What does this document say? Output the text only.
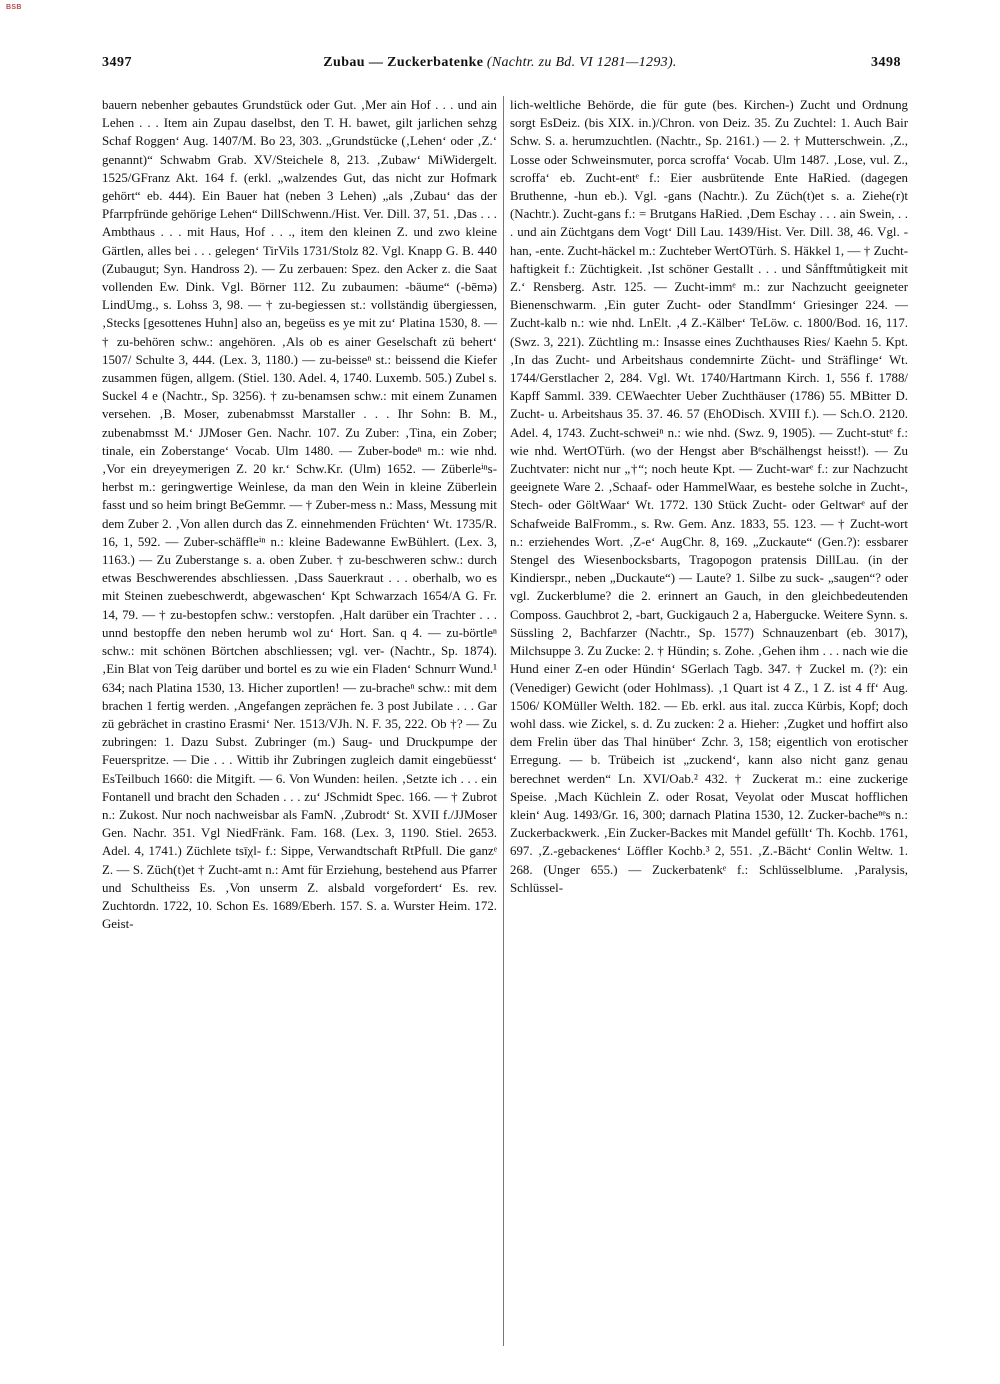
BSB
3497	Zubau — Zuckerbatenke (Nachtr. zu Bd. VI 1281—1293).	3498

bauern nebenher gebautes Grundstück oder Gut. ‚Mer ain Hof . . . und ain Lehen . . . Item ain Zupau daselbst, den T. H. bawet, gilt jarlichen sehzg Schaf Roggen‘ Aug. 1407/M. Bo 23, 303. „Grundstücke (‚Lehen‘ oder ‚Z.‘ genannt)“ Schwabm Grab. XV/Steichele 8, 213. ‚Zubaw‘ MiWidergelt. 1525/GFranz Akt. 164 f. (erkl. „walzendes Gut, das nicht zur Hofmark gehört“ eb. 444). Ein Bauer hat (neben 3 Lehen) „als ‚Zubau‘ das der Pfarrpfründe gehörige Lehen“ DillSchwenn./Hist. Ver. Dill. 37, 51. ‚Das . . . Ambthaus . . . mit Haus, Hof . . ., item den kleinen Z. und zwo kleine Gärtlen, alles bei . . . gelegen‘ TirVils 1731/Stolz 82. Vgl. Knapp G. B. 440 (Zubaugut; Syn. Handross 2). — Zu zerbauen: Spez. den Acker z. die Saat vollenden Ew. Dink. Vgl. Börner 112. Zu zubaumen: -bäume“ (-bēmə) LindUmg., s. Lohss 3, 98. — † zu-begiessen st.: vollständig übergiessen, ‚Stecks [gesottenes Huhn] also an, begeüss es ye mit zu‘ Platina 1530, 8. — † zu-behören schw.: angehören. ‚Als ob es ainer Geselschaft zü behert‘ 1507/ Schulte 3, 444. (Lex. 3, 1180.) — zu-beisseⁿ st.: beissend die Kiefer zusammen fügen, allgem. (Stiel. 130. Adel. 4, 1740. Luxemb. 505.) Zubel s. Suckel 4 e (Nachtr., Sp. 3256). † zu-benamsen schw.: mit einem Zunamen versehen. ‚B. Moser, zubenabmsst Marstaller . . . Ihr Sohn: B. M., zubenabmsst M.‘ JJMoser Gen. Nachr. 107. Zu Zuber: ‚Tina, ein Zober; tinale, ein Zoberstange‘ Vocab. Ulm 1480. — Zuber-bodeⁿ m.: wie nhd. ‚Vor ein dreyeymerigen Z. 20 kr.‘ Schw.Kr. (Ulm) 1652. — Züberleⁱⁿs-herbst m.: geringwertige Weinlese, da man den Wein in kleine Züberlein fasst und so heim bringt BeGemmr. — † Zuber-mess n.: Mass, Messung mit dem Zuber 2. ‚Von allen durch das Z. einnehmenden Früchten‘ Wt. 1735/R. 16, 1, 592. — Zuber-schäffleⁱⁿ n.: kleine Badewanne EwBühlert. (Lex. 3, 1163.) — Zu Zuberstange s. a. oben Zuber. † zu-beschweren schw.: durch etwas Beschwerendes abschliessen. ‚Dass Sauerkraut . . . oberhalb, wo es mit Steinen zuebeschwerdt, abgewaschen‘ Kpt Schwarzach 1654/A G. Fr. 14, 79. — † zu-bestopfen schw.: verstopfen. ‚Halt darüber ein Trachter . . . unnd bestopffe den neben herumb wol zu‘ Hort. San. q 4. — zu-börtleⁿ schw.: mit schönen Börtchen abschliessen; vgl. ver- (Nachtr., Sp. 1874). ‚Ein Blat von Teig darüber und bortel es zu wie ein Fladen‘ Schnurr Wund.¹ 634; nach Platina 1530, 13. Hicher zuportlen! — zu-bracheⁿ schw.: mit dem brachen 1 fertig werden. ‚Angefangen zeprächen fe. 3 post Jubilate . . . Gar zü gebrächet in crastino Erasmi‘ Ner. 1513/VJh. N. F. 35, 222. Ob †? — Zu zubringen: 1. Dazu Subst. Zubringer (m.) Saug- und Druckpumpe der Feuerspritze. — Die . . . Wittib ihr Zubringen zugleich damit eingebüesst‘ EsTeilbuch 1660: die Mitgift. — 6. Von Wunden: heilen. ‚Setzte ich . . . ein Fontanell und bracht den Schaden . . . zu‘ JSchmidt Spec. 166. — † Zubrot n.: Zukost. Nur noch nachweisbar als FamN. ‚Zubrodt‘ St. XVII f./JJMoser Gen. Nachr. 351. Vgl NiedFränk. Fam. 168. (Lex. 3, 1190. Stiel. 2653. Adel. 4, 1741.) Züchlete tsīχl- f.: Sippe, Verwandtschaft RtPfull. Die ganzᵉ Z. — S. Züch(t)et † Zucht-amt n.: Amt für Erziehung, bestehend aus Pfarrer und Schultheiss Es. ‚Von unserm Z. alsbald vorgefordert‘ Es. rev. Zuchtordn. 1722, 10. Schon Es. 1689/Eberh. 157. S. a. Wurster Heim. 172. Geist-

lich-weltliche Behörde, die für gute (bes. Kirchen-) Zucht und Ordnung sorgt EsDeiz. (bis XIX. in.)/Chron. von Deiz. 35. Zu Zuchtel: 1. Auch Bair Schw. S. a. herumzuchtlen. (Nachtr., Sp. 2161.) — 2. † Mutterschwein. ‚Z., Losse oder Schweinsmuter, porca scroffa‘ Vocab. Ulm 1487. ‚Lose, vul. Z., scroffa‘ eb. Zucht-entᵉ f.: Eier ausbrütende Ente HaRied. (dagegen Bruthenne, -hun eb.). Vgl. -gans (Nachtr.). Zu Züch(t)et s. a. Ziehe(r)t (Nachtr.). Zucht-gans f.: = Brutgans HaRied. ‚Dem Eschay . . . ain Swein, . . . und ain Züchtgans dem Vogt‘ Dill Lau. 1439/Hist. Ver. Dill. 38, 46. Vgl. -han, -ente. Zucht-häckel m.: Zuchteber WertOTürh. S. Häkkel 1, — † Zucht-haftigkeit f.: Züchtigkeit. ‚Ist schöner Gestallt . . . und Sånfftmůtigkeit mit Z.‘ Rensberg. Astr. 125. — Zucht-immᵉ m.: zur Nachzucht geeigneter Bienenschwarm. ‚Ein guter Zucht- oder StandImm‘ Griesinger 224. — Zucht-kalb n.: wie nhd. LnElt. ‚4 Z.-Kälber‘ TeLöw. c. 1800/Bod. 16, 117. (Swz. 3, 221). Züchtling m.: Insasse eines Zuchthauses Ries/ Kaehn 5. Kpt. ‚In das Zucht- und Arbeitshaus condemnirte Zücht- und Sträflinge‘ Wt. 1744/Gerstlacher 2, 284. Vgl. Wt. 1740/Hartmann Kirch. 1, 556 f. 1788/ Kapff Samml. 339. CEWaechter Ueber Zuchthäuser (1786) 55. MBitter D. Zucht- u. Arbeitshaus 35. 37. 46. 57 (EhODisch. XVIII f.). — Sch.O. 2120. Adel. 4, 1743. Zucht-schweiⁿ n.: wie nhd. (Swz. 9, 1905). — Zucht-stutᵉ f.: wie nhd. WertOTürh. (wo der Hengst aber Bᵉschälhengst heisst!). — Zu Zuchtvater: nicht nur „†“; noch heute Kpt. — Zucht-warᵉ f.: zur Nachzucht geeignete Ware 2. ‚Schaaf- oder HammelWaar, es bestehe solche in Zucht-, Stech- oder GöltWaar‘ Wt. 1772. 130 Stück Zucht- oder Geltwarᵉ auf der Schafweide BalFromm., s. Rw. Gem. Anz. 1833, 55. 123. — † Zucht-wort n.: erziehendes Wort. ‚Z-e‘ AugChr. 8, 169. „Zuckaute“ (Gen.?): essbarer Stengel des Wiesenbocksbarts, Tragopogon pratensis DillLau. (in der Kindierspr., neben „Duckaute“) — Laute? 1. Silbe zu suck- „saugen“? oder vgl. Zuckerblume? die 2. erinnert an Gauch, in den gleichbedeutenden Composs. Gauchbrot 2, -bart, Guckigauch 2 a, Habergucke. Weitere Synn. s. Süssling 2, Bachfarzer (Nachtr., Sp. 1577) Schnauzenbart (eb. 3017), Milchsuppe 3. Zu Zucke: 2. † Hündin; s. Zohe. ‚Gehen ihm . . . nach wie die Hund einer Z-en oder Hündin‘ SGerlach Tagb. 347. † Zuckel m. (?): ein (Venediger) Gewicht (oder Hohlmass). ‚1 Quart ist 4 Z., 1 Z. ist 4 ff‘ Aug. 1506/ KOMüller Welth. 182. — Eb. erkl. aus ital. zucca Kürbis, Kopf; doch wohl dass. wie Zickel, s. d. Zu zucken: 2 a. Hieher: ‚Zugket und hoffirt also dem Frelin über das Thal hinüber‘ Zchr. 3, 158; eigentlich von erotischer Erregung. — b. Trübeich ist „zuckend‘, kann also nicht ganz genau berechnet werden“ Ln. XVI/Oab.² 432. † Zuckerat m.: eine zuckerige Speise. ‚Mach Küchlein Z. oder Rosat, Veyolat oder Muscat hofflichen klein‘ Aug. 1493/Gr. 16, 300; darnach Platina 1530, 12. Zucker-bacheⁿᵉs n.: Zuckerbackwerk. ‚Ein Zucker-Backes mit Mandel gefüllt‘ Th. Kochb. 1761, 697. ‚Z.-gebackenes‘ Löffler Kochb.³ 2, 551. ‚Z.-Bächt‘ Conlin Weltw. 1. 268. (Unger 655.) — Zuckerbatenkᵉ f.: Schlüsselblume. ‚Paralysis, Schlüssel-
